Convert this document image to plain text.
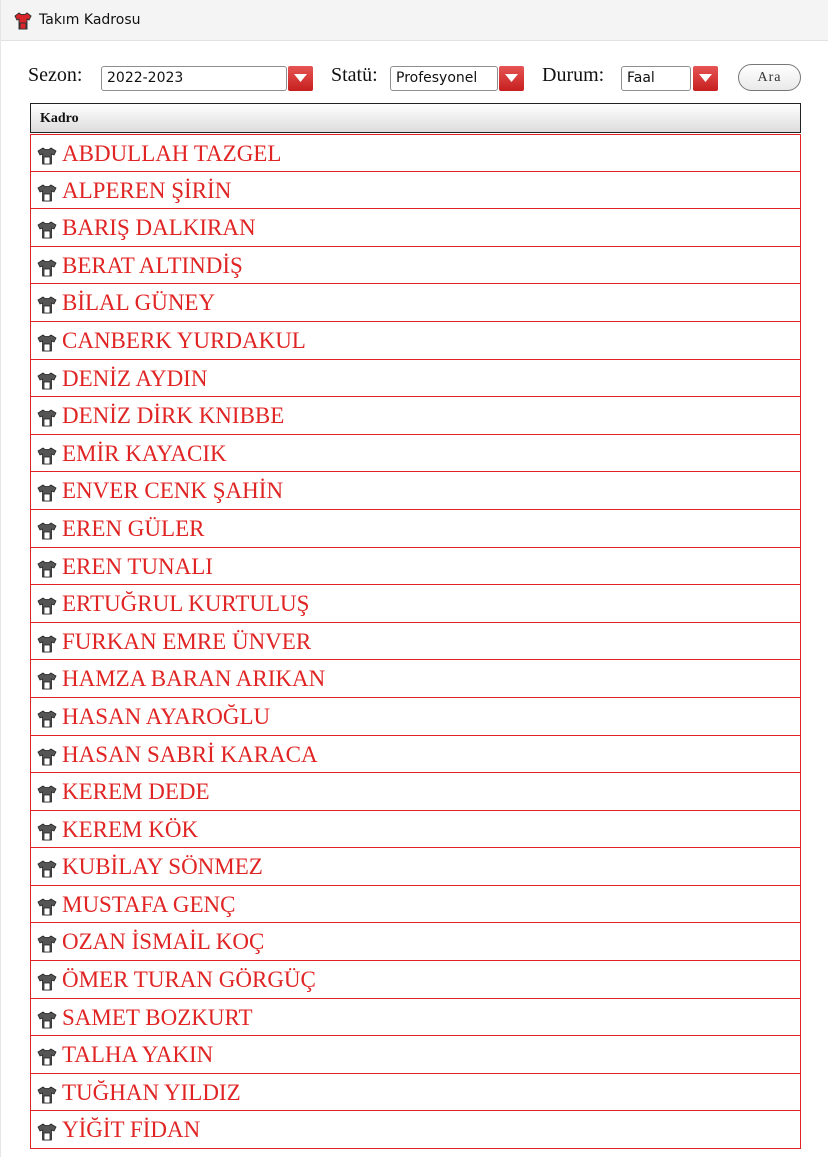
Takım Kadrosu
Sezon: 2022-2023	Statü: Profesyonel	Durum: Faal	Ara
Kadro
ABDULLAH TAZGEL
ALPEREN ŞİRİN
BARIŞ DALKIRAN
BERAT ALTINDİŞ
BİLAL GÜNEY
CANBERK YURDAKUL
DENİZ AYDIN
DENİZ DİRK KNIBBE
EMİR KAYACIK
ENVER CENK ŞAHİN
EREN GÜLER
EREN TUNALI
ERTUĞRUL KURTULUŞ
FURKAN EMRE ÜNVER
HAMZA BARAN ARIKAN
HASAN AYAROĞLU
HASAN SABRİ KARACA
KEREM DEDE
KEREM KÖK
KUBİLAY SÖNMEZ
MUSTAFA GENÇ
OZAN İSMAİL KOÇ
ÖMER TURAN GÖRGÜÇ
SAMET BOZKURT
TALHA YAKIN
TUĞHAN YILDIZ
YİĞİT FİDAN
